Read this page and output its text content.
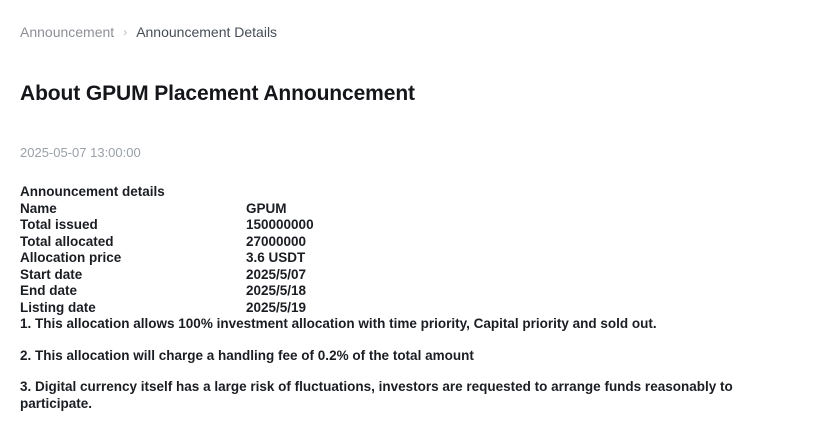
Announcement › Announcement Details
About GPUM Placement Announcement
2025-05-07 13:00:00

Announcement details

Name	GPUM
Total issued	150000000
Total allocated	27000000
Allocation price	3.6 USDT
Start date	2025/5/07
End date	2025/5/18
Listing date	2025/5/19

1. This allocation allows 100% investment allocation with time priority, Capital priority and sold out.

2. This allocation will charge a handling fee of 0.2% of the total amount

3. Digital currency itself has a large risk of fluctuations, investors are requested to arrange funds reasonably to participate.
